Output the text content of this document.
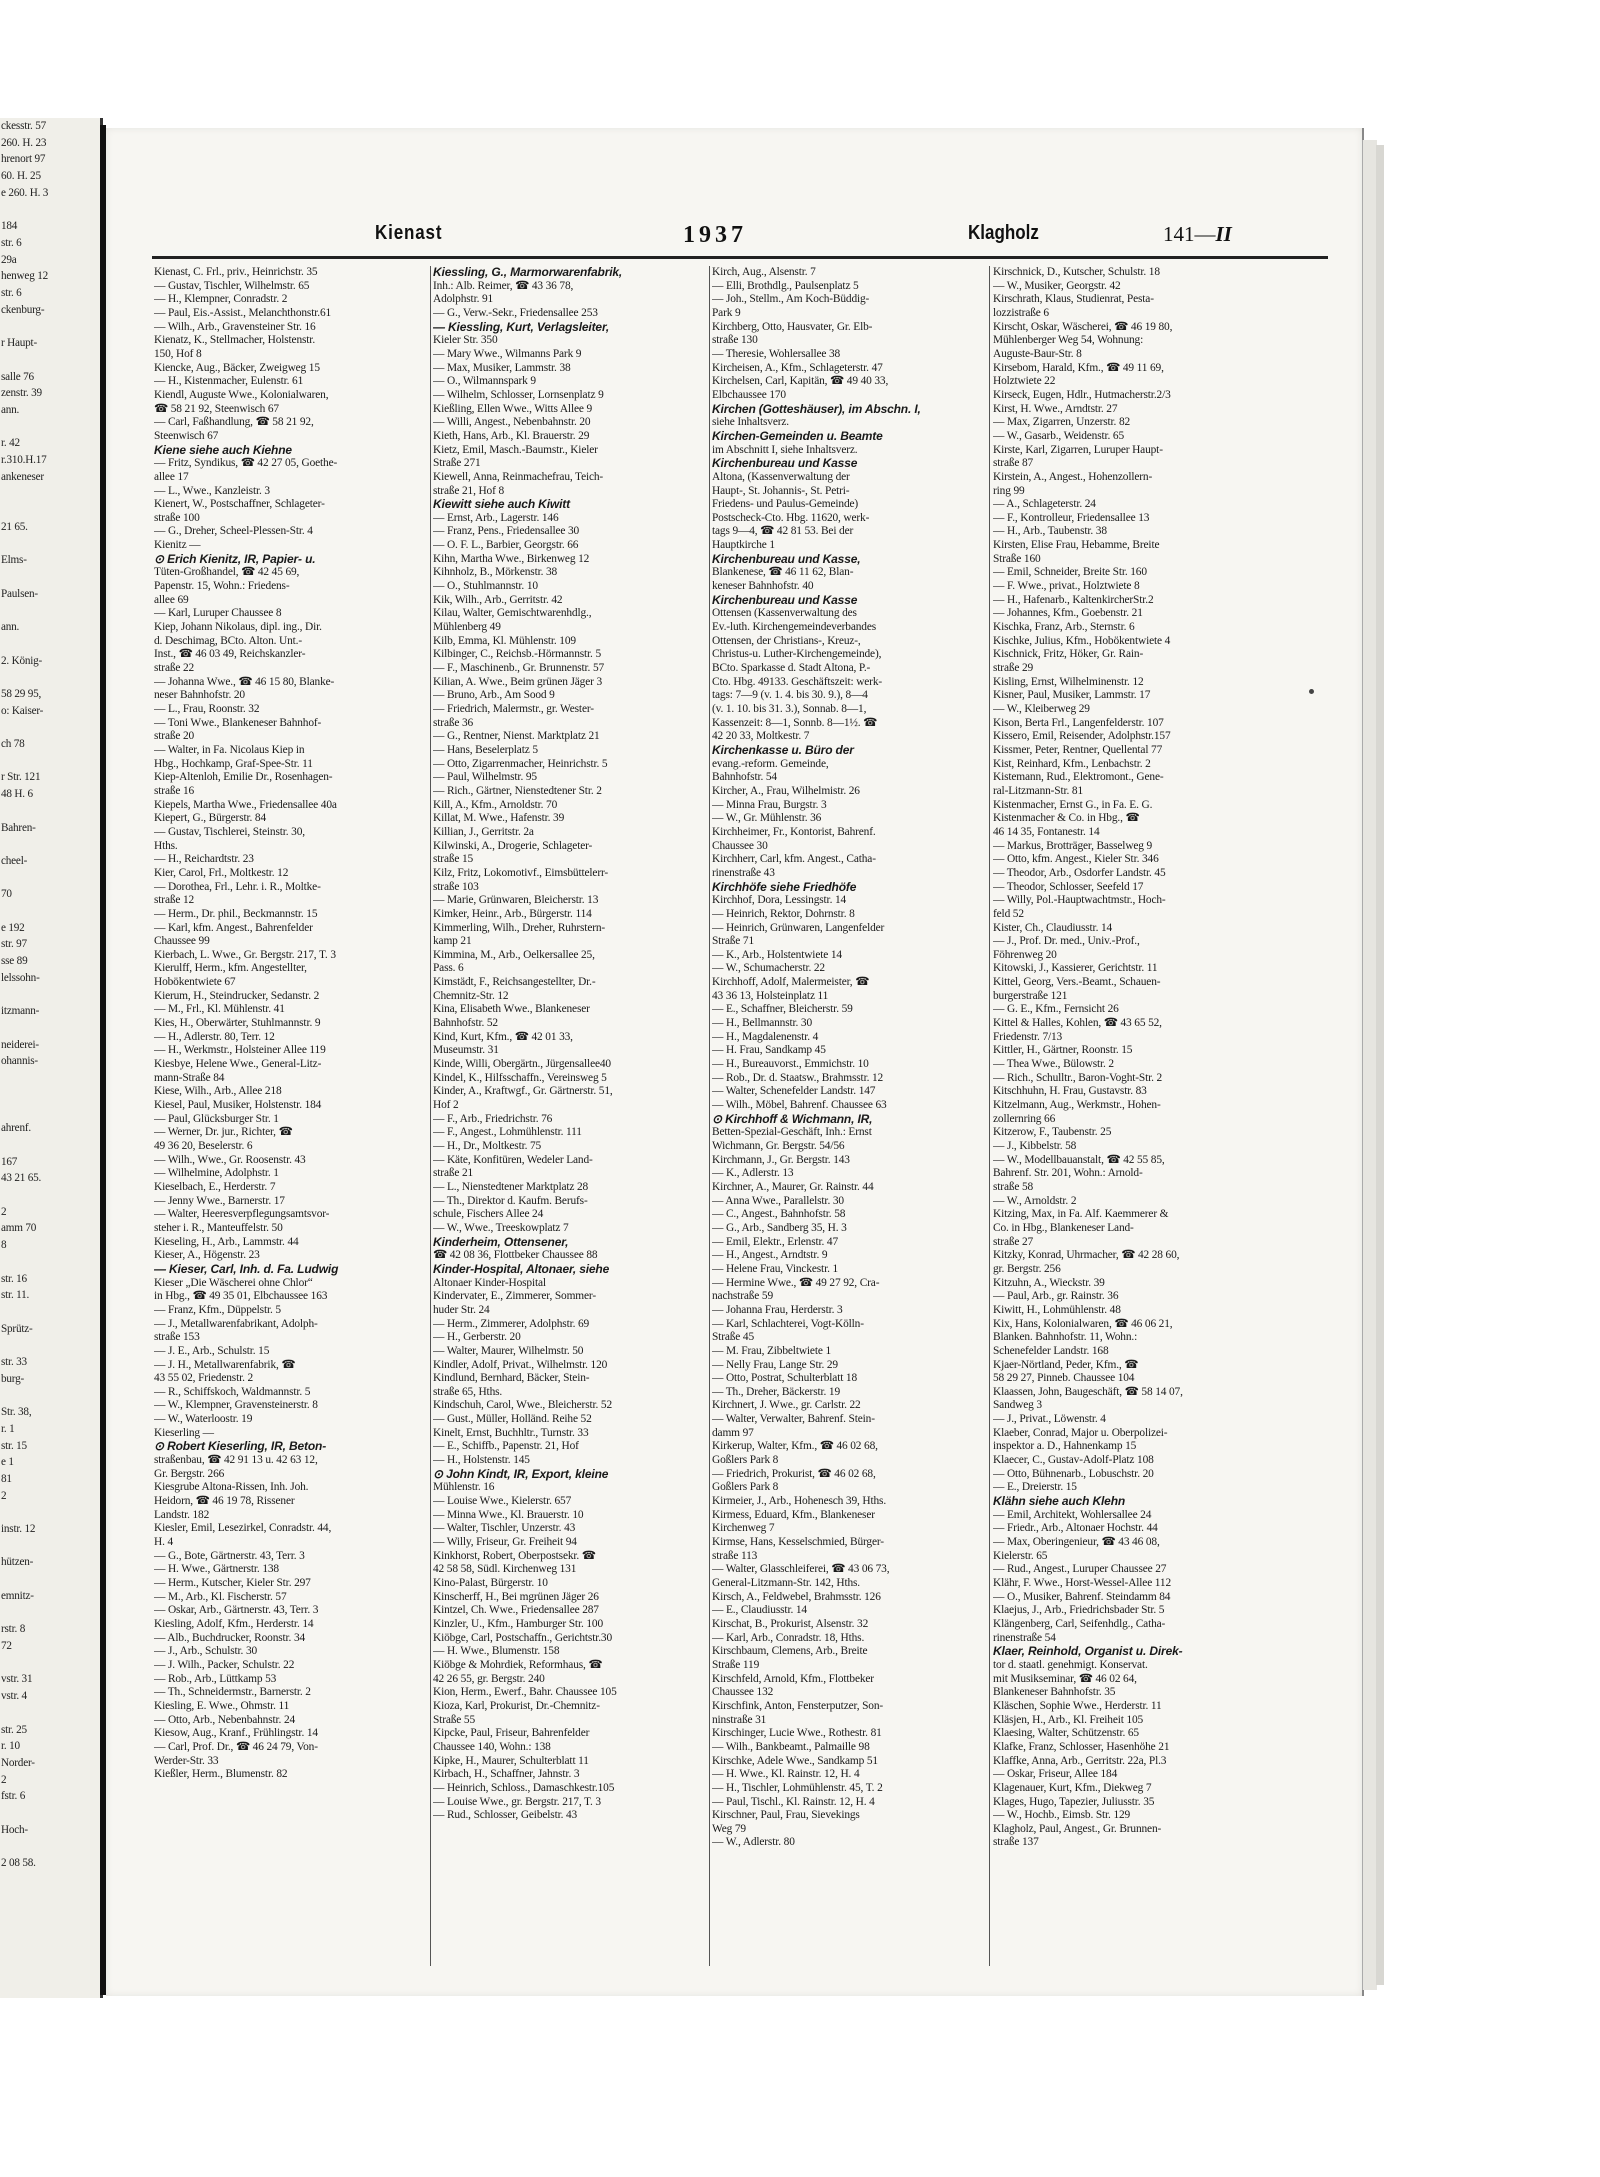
ckesstr. 57
260. H. 23
hrenort 97
60. H. 25
e 260. H. 3

184
str. 6
29a
henweg 12
str. 6
ckenburg-

r Haupt-

salle 76
zenstr. 39
ann.

r. 42
r.310.H.17
ankeneser

21 65.

Elms-

Paulsen-

ann.

2. König-

58 29 95,
o: Kaiser-

ch 78

r Str. 121
48 H. 6

Bahren-

cheel-

70

e 192
str. 97
sse 89
lelssohn-

itzmann-

neiderei-
ohannis-

ahrenf.

167
43 21 65.

2
amm 70
8

str. 16
str. 11.

Sprütz-

str. 33
burg-

Str. 38,
r. 1
str. 15
e 1
81
2

instr. 12

hützen-

emnitz-

rstr. 8
72

vstr. 31
vstr. 4

str. 25
r. 10
Norder-
2
fstr. 6

Hoch-

2 08 58.
Kienast	1937	Klagholz	141—II
Kienast, C. Frl., priv., Heinrichstr. 35
— Gustav, Tischler, Wilhelmstr. 65
— H., Klempner, Conradstr. 2
— Paul, Eis.-Assist., Melanchthonstr.61
— Wilh., Arb., Gravensteiner Str. 16
Kienatz, K., Stellmacher, Holstenstr.
150, Hof 8
Kiencke, Aug., Bäcker, Zweigweg 15
— H., Kistenmacher, Eulenstr. 61
Kiendl, Auguste Wwe., Kolonialwaren,
☎ 58 21 92, Steenwisch 67
— Carl, Faßhandlung, ☎ 58 21 92,
Steenwisch 67
Kiene siehe auch Kiehne
— Fritz, Syndikus, ☎ 42 27 05, Goethe-
allee 17
— L., Wwe., Kanzleistr. 3
Kienert, W., Postschaffner, Schlageter-
straße 100
— G., Dreher, Scheel-Plessen-Str. 4
Kienitz —
⊙ Erich Kienitz, IR, Papier- u.
Tüten-Großhandel, ☎ 42 45 69,
Papenstr. 15, Wohn.: Friedens-
allee 69
— Karl, Luruper Chaussee 8
Kiep, Johann Nikolaus, dipl. ing., Dir.
d. Deschimag, BCto. Alton. Unt.-
Inst., ☎ 46 03 49, Reichskanzler-
straße 22
— Johanna Wwe., ☎ 46 15 80, Blanke-
neser Bahnhofstr. 20
— L., Frau, Roonstr. 32
— Toni Wwe., Blankeneser Bahnhof-
straße 20
— Walter, in Fa. Nicolaus Kiep in
Hbg., Hochkamp, Graf-Spee-Str. 11
Kiep-Altenloh, Emilie Dr., Rosenhagen-
straße 16
Kiepels, Martha Wwe., Friedensallee 40a
Kiepert, G., Bürgerstr. 84
— Gustav, Tischlerei, Steinstr. 30,
Hths.
— H., Reichardtstr. 23
Kier, Carol, Frl., Moltkestr. 12
— Dorothea, Frl., Lehr. i. R., Moltke-
straße 12
— Herm., Dr. phil., Beckmannstr. 15
— Karl, kfm. Angest., Bahrenfelder
Chaussee 99
Kierbach, L. Wwe., Gr. Bergstr. 217, T. 3
Kierulff, Herm., kfm. Angestellter,
Hobökentwiete 67
Kierum, H., Steindrucker, Sedanstr. 2
— M., Frl., Kl. Mühlenstr. 41
Kies, H., Oberwärter, Stuhlmannstr. 9
— H., Adlerstr. 80, Terr. 12
— H., Werkmstr., Holsteiner Allee 119
Kiesbye, Helene Wwe., General-Litz-
mann-Straße 84
Kiese, Wilh., Arb., Allee 218
Kiesel, Paul, Musiker, Holstenstr. 184
— Paul, Glücksburger Str. 1
— Werner, Dr. jur., Richter, ☎
49 36 20, Beselerstr. 6
— Wilh., Wwe., Gr. Roosenstr. 43
— Wilhelmine, Adolphstr. 1
Kieselbach, E., Herderstr. 7
— Jenny Wwe., Barnerstr. 17
— Walter, Heeresverpflegungsamtsvor-
steher i. R., Manteuffelstr. 50
Kieseling, H., Arb., Lammstr. 44
Kieser, A., Högenstr. 23
— Kieser, Carl, Inh. d. Fa. Ludwig
Kieser „Die Wäscherei ohne Chlor“
in Hbg., ☎ 49 35 01, Elbchaussee 163
— Franz, Kfm., Düppelstr. 5
— J., Metallwarenfabrikant, Adolph-
straße 153
— J. E., Arb., Schulstr. 15
— J. H., Metallwarenfabrik, ☎
43 55 02, Friedenstr. 2
— R., Schiffskoch, Waldmannstr. 5
— W., Klempner, Gravensteinerstr. 8
— W., Waterloostr. 19
Kieserling —
⊙ Robert Kieserling, IR, Beton-
straßenbau, ☎ 42 91 13 u. 42 63 12,
Gr. Bergstr. 266
Kiesgrube Altona-Rissen, Inh. Joh.
Heidorn, ☎ 46 19 78, Rissener
Landstr. 182
Kiesler, Emil, Lesezirkel, Conradstr. 44,
H. 4
— G., Bote, Gärtnerstr. 43, Terr. 3
— H. Wwe., Gärtnerstr. 138
— Herm., Kutscher, Kieler Str. 297
— M., Arb., Kl. Fischerstr. 57
— Oskar, Arb., Gärtnerstr. 43, Terr. 3
Kiesling, Adolf, Kfm., Herderstr. 14
— Alb., Buchdrucker, Roonstr. 34
— J., Arb., Schulstr. 30
— J. Wilh., Packer, Schulstr. 22
— Rob., Arb., Lüttkamp 53
— Th., Schneidermstr., Barnerstr. 2
Kiesling, E. Wwe., Ohmstr. 11
— Otto, Arb., Nebenbahnstr. 24
Kiesow, Aug., Kranf., Frühlingstr. 14
— Carl, Prof. Dr., ☎ 46 24 79, Von-
Werder-Str. 33
Kießler, Herm., Blumenstr. 82
Kiessling, G., Marmorwarenfabrik,
Inh.: Alb. Reimer, ☎ 43 36 78,
Adolphstr. 91
— G., Verw.-Sekr., Friedensallee 253
— Kiessling, Kurt, Verlagsleiter,
Kieler Str. 350
— Mary Wwe., Wilmanns Park 9
— Max, Musiker, Lammstr. 38
— O., Wilmannspark 9
— Wilhelm, Schlosser, Lornsenplatz 9
Kießling, Ellen Wwe., Witts Allee 9
— Willi, Angest., Nebenbahnstr. 20
Kieth, Hans, Arb., Kl. Brauerstr. 29
Kietz, Emil, Masch.-Baumstr., Kieler
Straße 271
Kiewell, Anna, Reinmachefrau, Teich-
straße 21, Hof 8
Kiewitt siehe auch Kiwitt
— Ernst, Arb., Lagerstr. 146
— Franz, Pens., Friedensallee 30
— O. F. L., Barbier, Georgstr. 66
Kihn, Martha Wwe., Birkenweg 12
Kihnholz, B., Mörkenstr. 38
— O., Stuhlmannstr. 10
Kik, Wilh., Arb., Gerritstr. 42
Kilau, Walter, Gemischtwarenhdlg.,
Mühlenberg 49
Kilb, Emma, Kl. Mühlenstr. 109
Kilbinger, C., Reichsb.-Hörmannstr. 5
— F., Maschinenb., Gr. Brunnenstr. 57
Kilian, A. Wwe., Beim grünen Jäger 3
— Bruno, Arb., Am Sood 9
— Friedrich, Malermstr., gr. Wester-
straße 36
— G., Rentner, Nienst. Marktplatz 21
— Hans, Beselerplatz 5
— Otto, Zigarrenmacher, Heinrichstr. 5
— Paul, Wilhelmstr. 95
— Rich., Gärtner, Nienstedtener Str. 2
Kill, A., Kfm., Arnoldstr. 70
Killat, M. Wwe., Hafenstr. 39
Killian, J., Gerritstr. 2a
Kilwinski, A., Drogerie, Schlageter-
straße 15
Kilz, Fritz, Lokomotivf., Eimsbüttelerr-
straße 103
— Marie, Grünwaren, Bleicherstr. 13
Kimker, Heinr., Arb., Bürgerstr. 114
Kimmerling, Wilh., Dreher, Ruhrstern-
kamp 21
Kimmina, M., Arb., Oelkersallee 25,
Pass. 6
Kimstädt, F., Reichsangestellter, Dr.-
Chemnitz-Str. 12
Kina, Elisabeth Wwe., Blankeneser
Bahnhofstr. 52
Kind, Kurt, Kfm., ☎ 42 01 33,
Museumstr. 31
Kinde, Willi, Obergärtn., Jürgensallee40
Kindel, K., Hilfsschaffn., Vereinsweg 5
Kinder, A., Kraftwgf., Gr. Gärtnerstr. 51,
Hof 2
— F., Arb., Friedrichstr. 76
— F., Angest., Lohmühlenstr. 111
— H., Dr., Moltkestr. 75
— Käte, Konfitüren, Wedeler Land-
straße 21
— L., Nienstedtener Marktplatz 28
— Th., Direktor d. Kaufm. Berufs-
schule, Fischers Allee 24
— W., Wwe., Treeskowplatz 7
Kinderheim, Ottensener,
☎ 42 08 36, Flottbeker Chaussee 88
Kinder-Hospital, Altonaer, siehe
Altonaer Kinder-Hospital
Kindervater, E., Zimmerer, Sommer-
huder Str. 24
— Herm., Zimmerer, Adolphstr. 69
— H., Gerberstr. 20
— Walter, Maurer, Wilhelmstr. 50
Kindler, Adolf, Privat., Wilhelmstr. 120
Kindlund, Bernhard, Bäcker, Stein-
straße 65, Hths.
Kindschuh, Carol, Wwe., Bleicherstr. 52
— Gust., Müller, Holländ. Reihe 52
Kinelt, Ernst, Buchhltr., Turnstr. 33
— E., Schiffb., Papenstr. 21, Hof
— H., Holstenstr. 145
⊙ John Kindt, IR, Export, kleine
Mühlenstr. 16
— Louise Wwe., Kielerstr. 657
— Minna Wwe., Kl. Brauerstr. 10
— Walter, Tischler, Unzerstr. 43
— Willy, Friseur, Gr. Freiheit 94
Kinkhorst, Robert, Oberpostsekr. ☎
42 58 58, Südl. Kirchenweg 131
Kino-Palast, Bürgerstr. 10
Kinscherff, H., Bei mgrünen Jäger 26
Kintzel, Ch. Wwe., Friedensallee 287
Kinzler, U., Kfm., Hamburger Str. 100
Kiöbge, Carl, Postschaffn., Gerichtstr.30
— H. Wwe., Blumenstr. 158
Kiöbge & Mohrdiek, Reformhaus, ☎
42 26 55, gr. Bergstr. 240
Kion, Herm., Ewerf., Bahr. Chaussee 105
Kioza, Karl, Prokurist, Dr.-Chemnitz-
Straße 55
Kipcke, Paul, Friseur, Bahrenfelder
Chaussee 140, Wohn.: 138
Kipke, H., Maurer, Schulterblatt 11
Kirbach, H., Schaffner, Jahnstr. 3
— Heinrich, Schloss., Damaschkestr.105
— Louise Wwe., gr. Bergstr. 217, T. 3
— Rud., Schlosser, Geibelstr. 43
Kirch, Aug., Alsenstr. 7
— Elli, Brothdlg., Paulsenplatz 5
— Joh., Stellm., Am Koch-Büddig-
Park 9
Kirchberg, Otto, Hausvater, Gr. Elb-
straße 130
— Theresie, Wohlersallee 38
Kircheisen, A., Kfm., Schlageterstr. 47
Kirchelsen, Carl, Kapitän, ☎ 49 40 33,
Elbchaussee 170
Kirchen (Gotteshäuser), im Abschn. I,
siehe Inhaltsverz.
Kirchen-Gemeinden u. Beamte
im Abschnitt I, siehe Inhaltsverz.
Kirchenbureau und Kasse
Altona, (Kassenverwaltung der
Haupt-, St. Johannis-, St. Petri-
Friedens- und Paulus-Gemeinde)
Postscheck-Cto. Hbg. 11620, werk-
tags 9—4, ☎ 42 81 53. Bei der
Hauptkirche 1
Kirchenbureau und Kasse,
Blankenese, ☎ 46 11 62, Blan-
keneser Bahnhofstr. 40
Kirchenbureau und Kasse
Ottensen (Kassenverwaltung des
Ev.-luth. Kirchengemeindeverbandes
Ottensen, der Christians-, Kreuz-,
Christus-u. Luther-Kirchengemeinde),
BCto. Sparkasse d. Stadt Altona, P.-
Cto. Hbg. 49133. Geschäftszeit: werk-
tags: 7—9 (v. 1. 4. bis 30. 9.), 8—4
(v. 1. 10. bis 31. 3.), Sonnab. 8—1,
Kassenzeit: 8—1, Sonnb. 8—1½. ☎
42 20 33, Moltkestr. 7
Kirchenkasse u. Büro der
evang.-reform. Gemeinde,
Bahnhofstr. 54
Kircher, A., Frau, Wilhelmistr. 26
— Minna Frau, Burgstr. 3
— W., Gr. Mühlenstr. 36
Kirchheimer, Fr., Kontorist, Bahrenf.
Chaussee 30
Kirchherr, Carl, kfm. Angest., Catha-
rinenstraße 43
Kirchhöfe siehe Friedhöfe
Kirchhof, Dora, Lessingstr. 14
— Heinrich, Rektor, Dohrnstr. 8
— Heinrich, Grünwaren, Langenfelder
Straße 71
— K., Arb., Holstentwiete 14
— W., Schumacherstr. 22
Kirchhoff, Adolf, Malermeister, ☎
43 36 13, Holsteinplatz 11
— E., Schaffner, Bleicherstr. 59
— H., Bellmannstr. 30
— H., Magdalenenstr. 4
— H. Frau, Sandkamp 45
— H., Bureauvorst., Emmichstr. 10
— Rob., Dr. d. Staatsw., Brahmsstr. 12
— Walter, Schenefelder Landstr. 147
— Wilh., Möbel, Bahrenf. Chaussee 63
⊙ Kirchhoff & Wichmann, IR,
Betten-Spezial-Geschäft, Inh.: Ernst
Wichmann, Gr. Bergstr. 54/56
Kirchmann, J., Gr. Bergstr. 143
— K., Adlerstr. 13
Kirchner, A., Maurer, Gr. Rainstr. 44
— Anna Wwe., Parallelstr. 30
— C., Angest., Bahnhofstr. 58
— G., Arb., Sandberg 35, H. 3
— Emil, Elektr., Erlenstr. 47
— H., Angest., Arndtstr. 9
— Helene Frau, Vinckestr. 1
— Hermine Wwe., ☎ 49 27 92, Cra-
nachstraße 59
— Johanna Frau, Herderstr. 3
— Karl, Schlachterei, Vogt-Kölln-
Straße 45
— M. Frau, Zibbeltwiete 1
— Nelly Frau, Lange Str. 29
— Otto, Postrat, Schulterblatt 18
— Th., Dreher, Bäckerstr. 19
Kirchnert, J. Wwe., gr. Carlstr. 22
— Walter, Verwalter, Bahrenf. Stein-
damm 97
Kirkerup, Walter, Kfm., ☎ 46 02 68,
Goßlers Park 8
— Friedrich, Prokurist, ☎ 46 02 68,
Goßlers Park 8
Kirmeier, J., Arb., Hohenesch 39, Hths.
Kirmess, Eduard, Kfm., Blankeneser
Kirchenweg 7
Kirmse, Hans, Kesselschmied, Bürger-
straße 113
— Walter, Glasschleiferei, ☎ 43 06 73,
General-Litzmann-Str. 142, Hths.
Kirsch, A., Feldwebel, Brahmsstr. 126
— E., Claudiusstr. 14
Kirschat, B., Prokurist, Alsenstr. 32
— Karl, Arb., Conradstr. 18, Hths.
Kirschbaum, Clemens, Arb., Breite
Straße 119
Kirschfeld, Arnold, Kfm., Flottbeker
Chaussee 132
Kirschfink, Anton, Fensterputzer, Son-
ninstraße 31
Kirschinger, Lucie Wwe., Rothestr. 81
— Wilh., Bankbeamt., Palmaille 98
Kirschke, Adele Wwe., Sandkamp 51
— H. Wwe., Kl. Rainstr. 12, H. 4
— H., Tischler, Lohmühlenstr. 45, T. 2
— Paul, Tischl., Kl. Rainstr. 12, H. 4
Kirschner, Paul, Frau, Sievekings
Weg 79
— W., Adlerstr. 80
Kirschnick, D., Kutscher, Schulstr. 18
— W., Musiker, Georgstr. 42
Kirschrath, Klaus, Studienrat, Pesta-
lozzistraße 6
Kirscht, Oskar, Wäscherei, ☎ 46 19 80,
Mühlenberger Weg 54, Wohnung:
Auguste-Baur-Str. 8
Kirsebom, Harald, Kfm., ☎ 49 11 69,
Holztwiete 22
Kirseck, Eugen, Hdlr., Hutmacherstr.2/3
Kirst, H. Wwe., Arndtstr. 27
— Max, Zigarren, Unzerstr. 82
— W., Gasarb., Weidenstr. 65
Kirste, Karl, Zigarren, Luruper Haupt-
straße 87
Kirstein, A., Angest., Hohenzollern-
ring 99
— A., Schlageterstr. 24
— F., Kontrolleur, Friedensallee 13
— H., Arb., Taubenstr. 38
Kirsten, Elise Frau, Hebamme, Breite
Straße 160
— Emil, Schneider, Breite Str. 160
— F. Wwe., privat., Holztwiete 8
— H., Hafenarb., KaltenkircherStr.2
— Johannes, Kfm., Goebenstr. 21
Kischka, Franz, Arb., Sternstr. 6
Kischke, Julius, Kfm., Hobökentwiete 4
Kischnick, Fritz, Höker, Gr. Rain-
straße 29
Kisling, Ernst, Wilhelminenstr. 12
Kisner, Paul, Musiker, Lammstr. 17
— W., Kleiberweg 29
Kison, Berta Frl., Langenfelderstr. 107
Kissero, Emil, Reisender, Adolphstr.157
Kissmer, Peter, Rentner, Quellental 77
Kist, Reinhard, Kfm., Lenbachstr. 2
Kistemann, Rud., Elektromont., Gene-
ral-Litzmann-Str. 81
Kistenmacher, Ernst G., in Fa. E. G.
Kistenmacher & Co. in Hbg., ☎
46 14 35, Fontanestr. 14
— Markus, Brotträger, Basselweg 9
— Otto, kfm. Angest., Kieler Str. 346
— Theodor, Arb., Osdorfer Landstr. 45
— Theodor, Schlosser, Seefeld 17
— Willy, Pol.-Hauptwachtmstr., Hoch-
feld 52
Kister, Ch., Claudiusstr. 14
— J., Prof. Dr. med., Univ.-Prof.,
Föhrenweg 20
Kitowski, J., Kassierer, Gerichtstr. 11
Kittel, Georg, Vers.-Beamt., Schauen-
burgerstraße 121
— G. E., Kfm., Fernsicht 26
Kittel & Halles, Kohlen, ☎ 43 65 52,
Friedenstr. 7/13
Kittler, H., Gärtner, Roonstr. 15
— Thea Wwe., Bülowstr. 2
— Rich., Schulltr., Baron-Voght-Str. 2
Kitschhuhn, H. Frau, Gustavstr. 83
Kitzelmann, Aug., Werkmstr., Hohen-
zollernring 66
Kitzerow, F., Taubenstr. 25
— J., Kibbelstr. 58
— W., Modellbauanstalt, ☎ 42 55 85,
Bahrenf. Str. 201, Wohn.: Arnold-
straße 58
— W., Arnoldstr. 2
Kitzing, Max, in Fa. Alf. Kaemmerer &
Co. in Hbg., Blankeneser Land-
straße 27
Kitzky, Konrad, Uhrmacher, ☎ 42 28 60,
gr. Bergstr. 256
Kitzuhn, A., Wieckstr. 39
— Paul, Arb., gr. Rainstr. 36
Kiwitt, H., Lohmühlenstr. 48
Kix, Hans, Kolonialwaren, ☎ 46 06 21,
Blanken. Bahnhofstr. 11, Wohn.:
Schenefelder Landstr. 168
Kjaer-Nörtland, Peder, Kfm., ☎
58 29 27, Pinneb. Chaussee 104
Klaassen, John, Baugeschäft, ☎ 58 14 07,
Sandweg 3
— J., Privat., Löwenstr. 4
Klaeber, Conrad, Major u. Oberpolizei-
inspektor a. D., Hahnenkamp 15
Klaecer, C., Gustav-Adolf-Platz 108
— Otto, Bühnenarb., Lobuschstr. 20
— E., Dreierstr. 15
Klähn siehe auch Klehn
— Emil, Architekt, Wohlersallee 24
— Friedr., Arb., Altonaer Hochstr. 44
— Max, Oberingenieur, ☎ 43 46 08,
Kielerstr. 65
— Rud., Angest., Luruper Chaussee 27
Klähr, F. Wwe., Horst-Wessel-Allee 112
— O., Musiker, Bahrenf. Steindamm 84
Klaejus, J., Arb., Friedrichsbader Str. 5
Klängenberg, Carl, Seifenhdlg., Catha-
rinenstraße 54
Klaer, Reinhold, Organist u. Direk-
tor d. staatl. genehmigt. Konservat.
mit Musikseminar, ☎ 46 02 64,
Blankeneser Bahnhofstr. 35
Kläschen, Sophie Wwe., Herderstr. 11
Kläsjen, H., Arb., Kl. Freiheit 105
Klaesing, Walter, Schützenstr. 65
Klafke, Franz, Schlosser, Hasenhöhe 21
Klaffke, Anna, Arb., Gerritstr. 22a, Pl.3
— Oskar, Friseur, Allee 184
Klagenauer, Kurt, Kfm., Diekweg 7
Klages, Hugo, Tapezier, Juliusstr. 35
— W., Hochb., Eimsb. Str. 129
Klagholz, Paul, Angest., Gr. Brunnen-
straße 137
